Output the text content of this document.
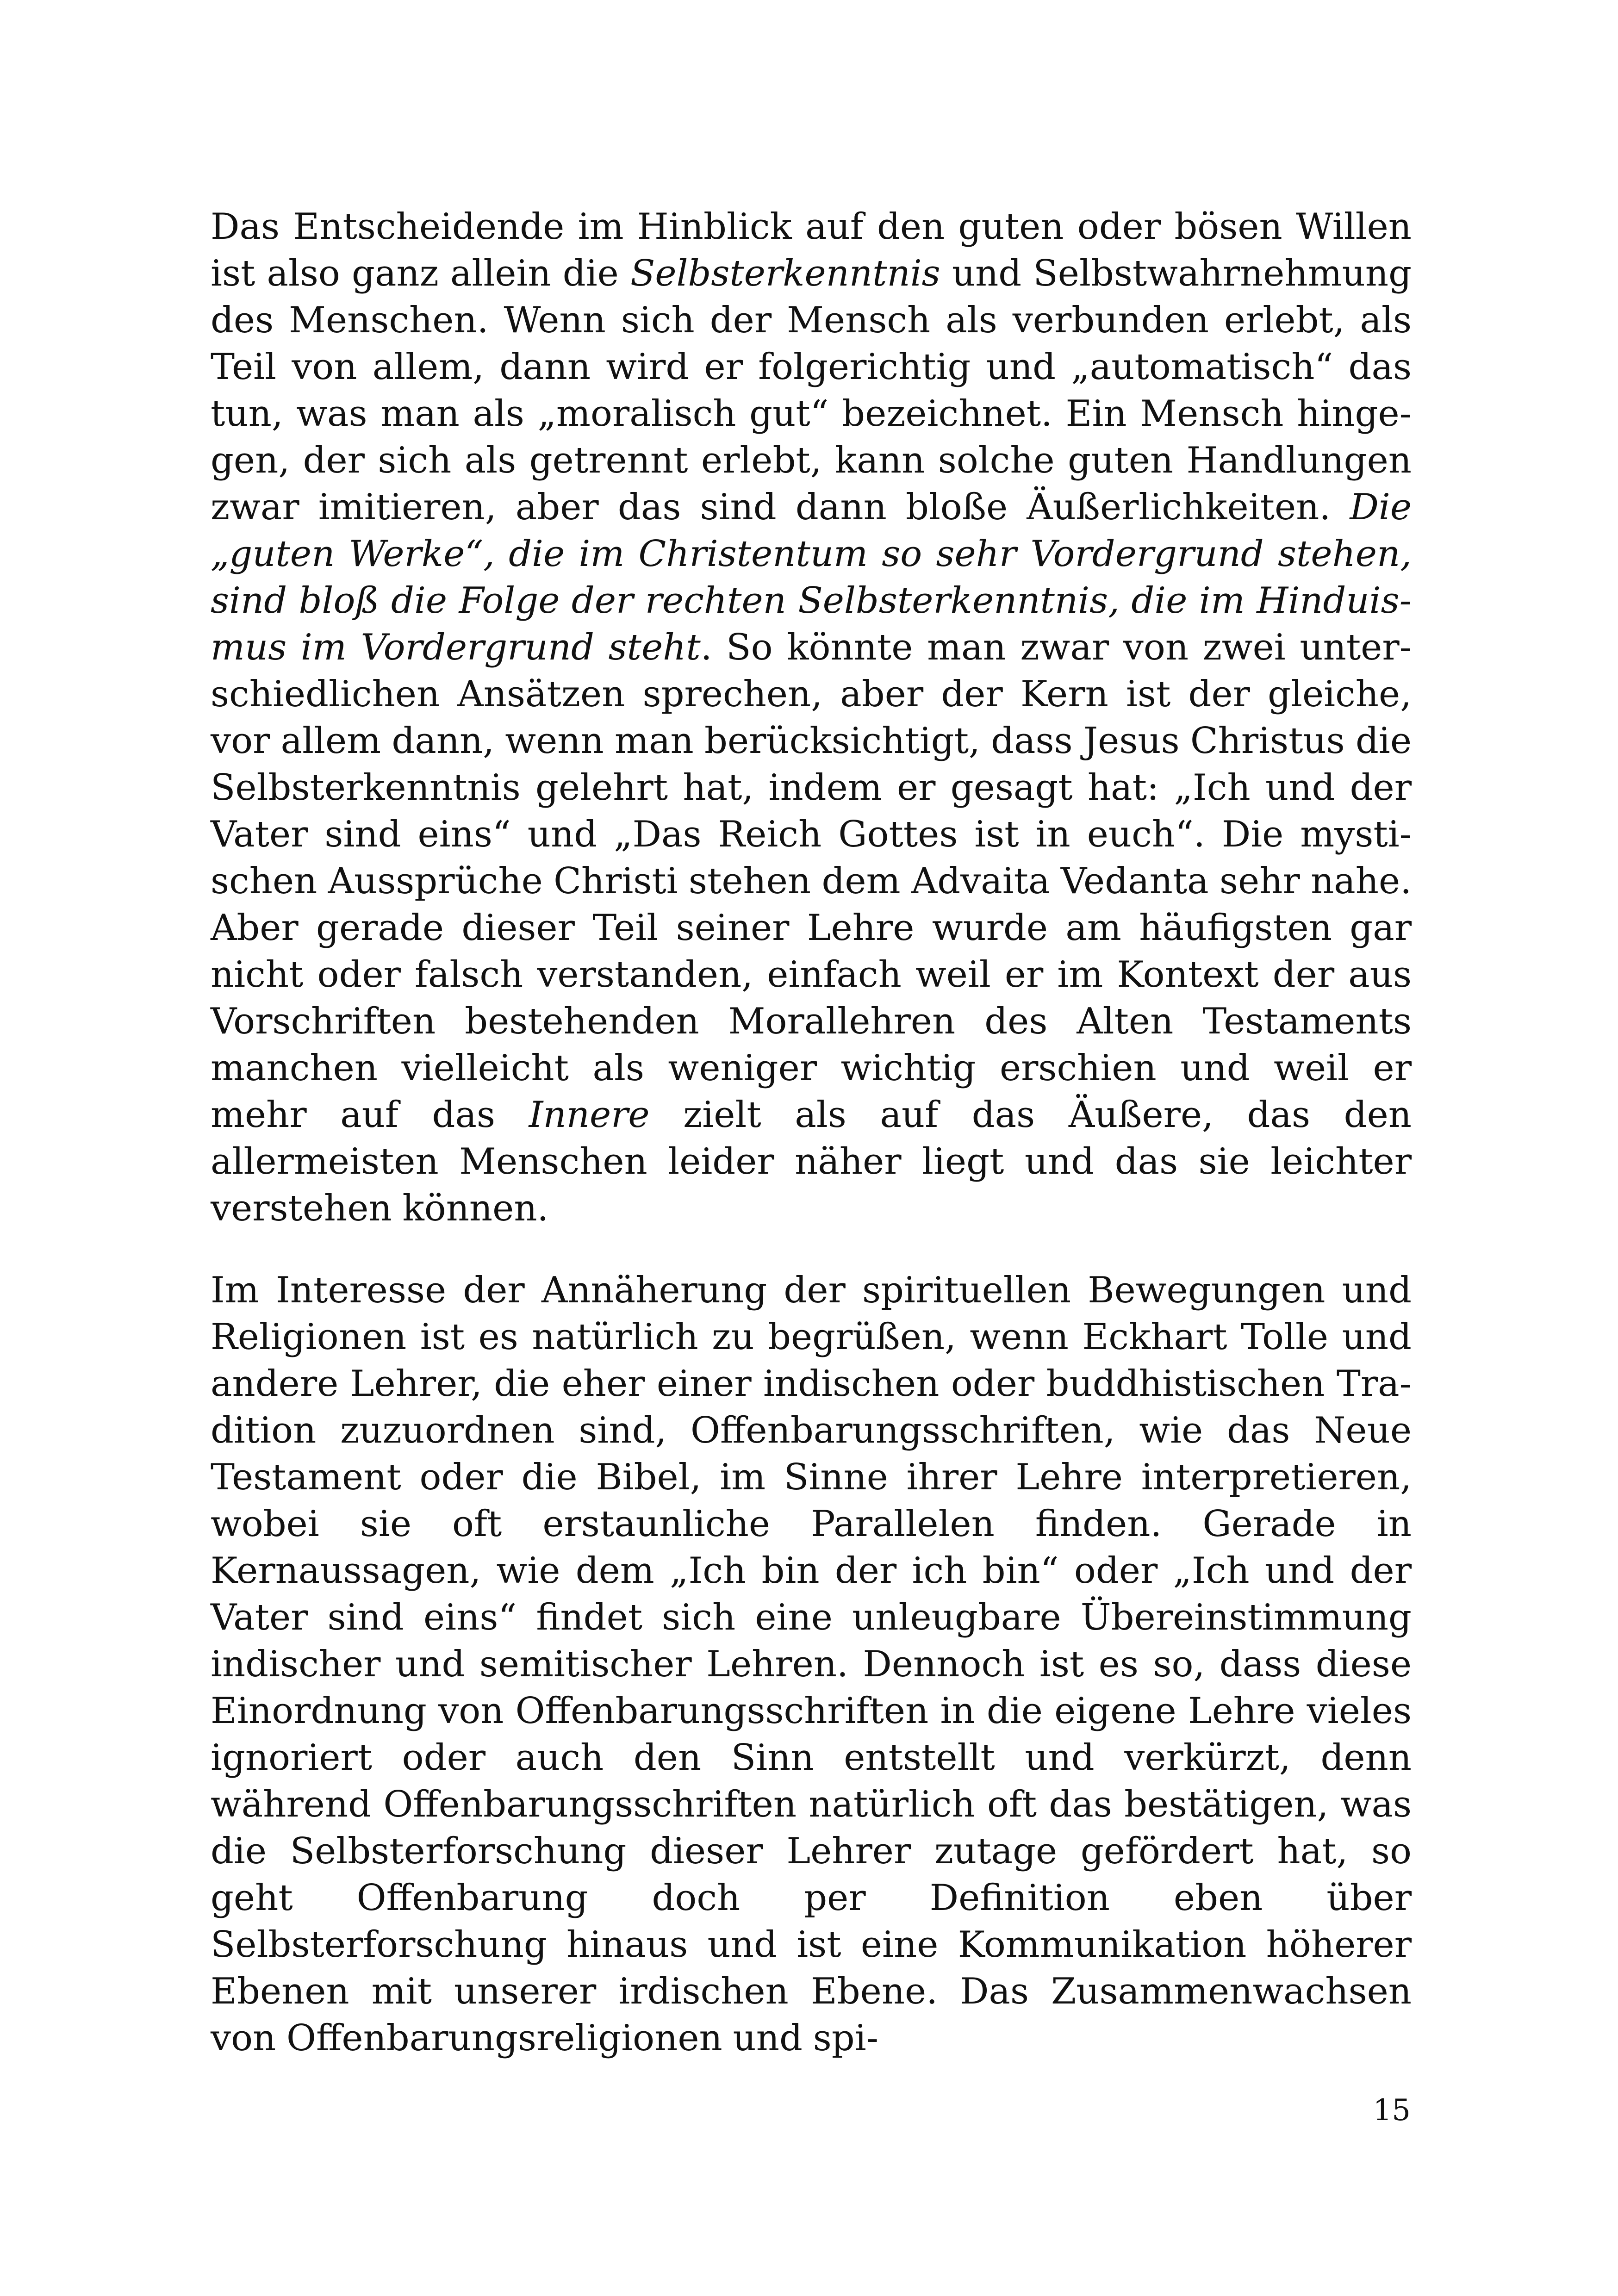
Das Entscheidende im Hinblick auf den guten oder bösen Willen ist also ganz allein die Selbsterkenntnis und Selbstwahrnehmung des Menschen. Wenn sich der Mensch als verbunden erlebt, als Teil von allem, dann wird er folgerichtig und „automatisch“ das tun, was man als „moralisch gut“ bezeichnet. Ein Mensch hingegen, der sich als getrennt erlebt, kann solche guten Handlungen zwar imitieren, aber das sind dann bloße Äußerlichkeiten. Die „guten Werke“, die im Christentum so sehr Vordergrund stehen, sind bloß die Folge der rechten Selbsterkenntnis, die im Hinduismus im Vordergrund steht. So könnte man zwar von zwei unterschiedlichen Ansätzen sprechen, aber der Kern ist der gleiche, vor allem dann, wenn man berücksichtigt, dass Jesus Christus die Selbsterkenntnis gelehrt hat, indem er gesagt hat: „Ich und der Vater sind eins“ und „Das Reich Gottes ist in euch“. Die mystischen Aussprüche Christi stehen dem Advaita Vedanta sehr nahe. Aber gerade dieser Teil seiner Lehre wurde am häufigsten gar nicht oder falsch verstanden, einfach weil er im Kontext der aus Vorschriften bestehenden Morallehren des Alten Testaments manchen vielleicht als weniger wichtig erschien und weil er mehr auf das Innere zielt als auf das Äußere, das den allermeisten Menschen leider näher liegt und das sie leichter verstehen können.

Im Interesse der Annäherung der spirituellen Bewegungen und Religionen ist es natürlich zu begrüßen, wenn Eckhart Tolle und andere Lehrer, die eher einer indischen oder buddhistischen Tradition zuzuordnen sind, Offenbarungsschriften, wie das Neue Testament oder die Bibel, im Sinne ihrer Lehre interpretieren, wobei sie oft erstaunliche Parallelen finden. Gerade in Kernaussagen, wie dem „Ich bin der ich bin“ oder „Ich und der Vater sind eins“ findet sich eine unleugbare Übereinstimmung indischer und semitischer Lehren. Dennoch ist es so, dass diese Einordnung von Offenbarungsschriften in die eigene Lehre vieles ignoriert oder auch den Sinn entstellt und verkürzt, denn während Offenbarungsschriften natürlich oft das bestätigen, was die Selbsterforschung dieser Lehrer zutage gefördert hat, so geht Offenbarung doch per Definition eben über Selbsterforschung hinaus und ist eine Kommunikation höherer Ebenen mit unserer irdischen Ebene. Das Zusammenwachsen von Offenbarungsreligionen und spi-

15
